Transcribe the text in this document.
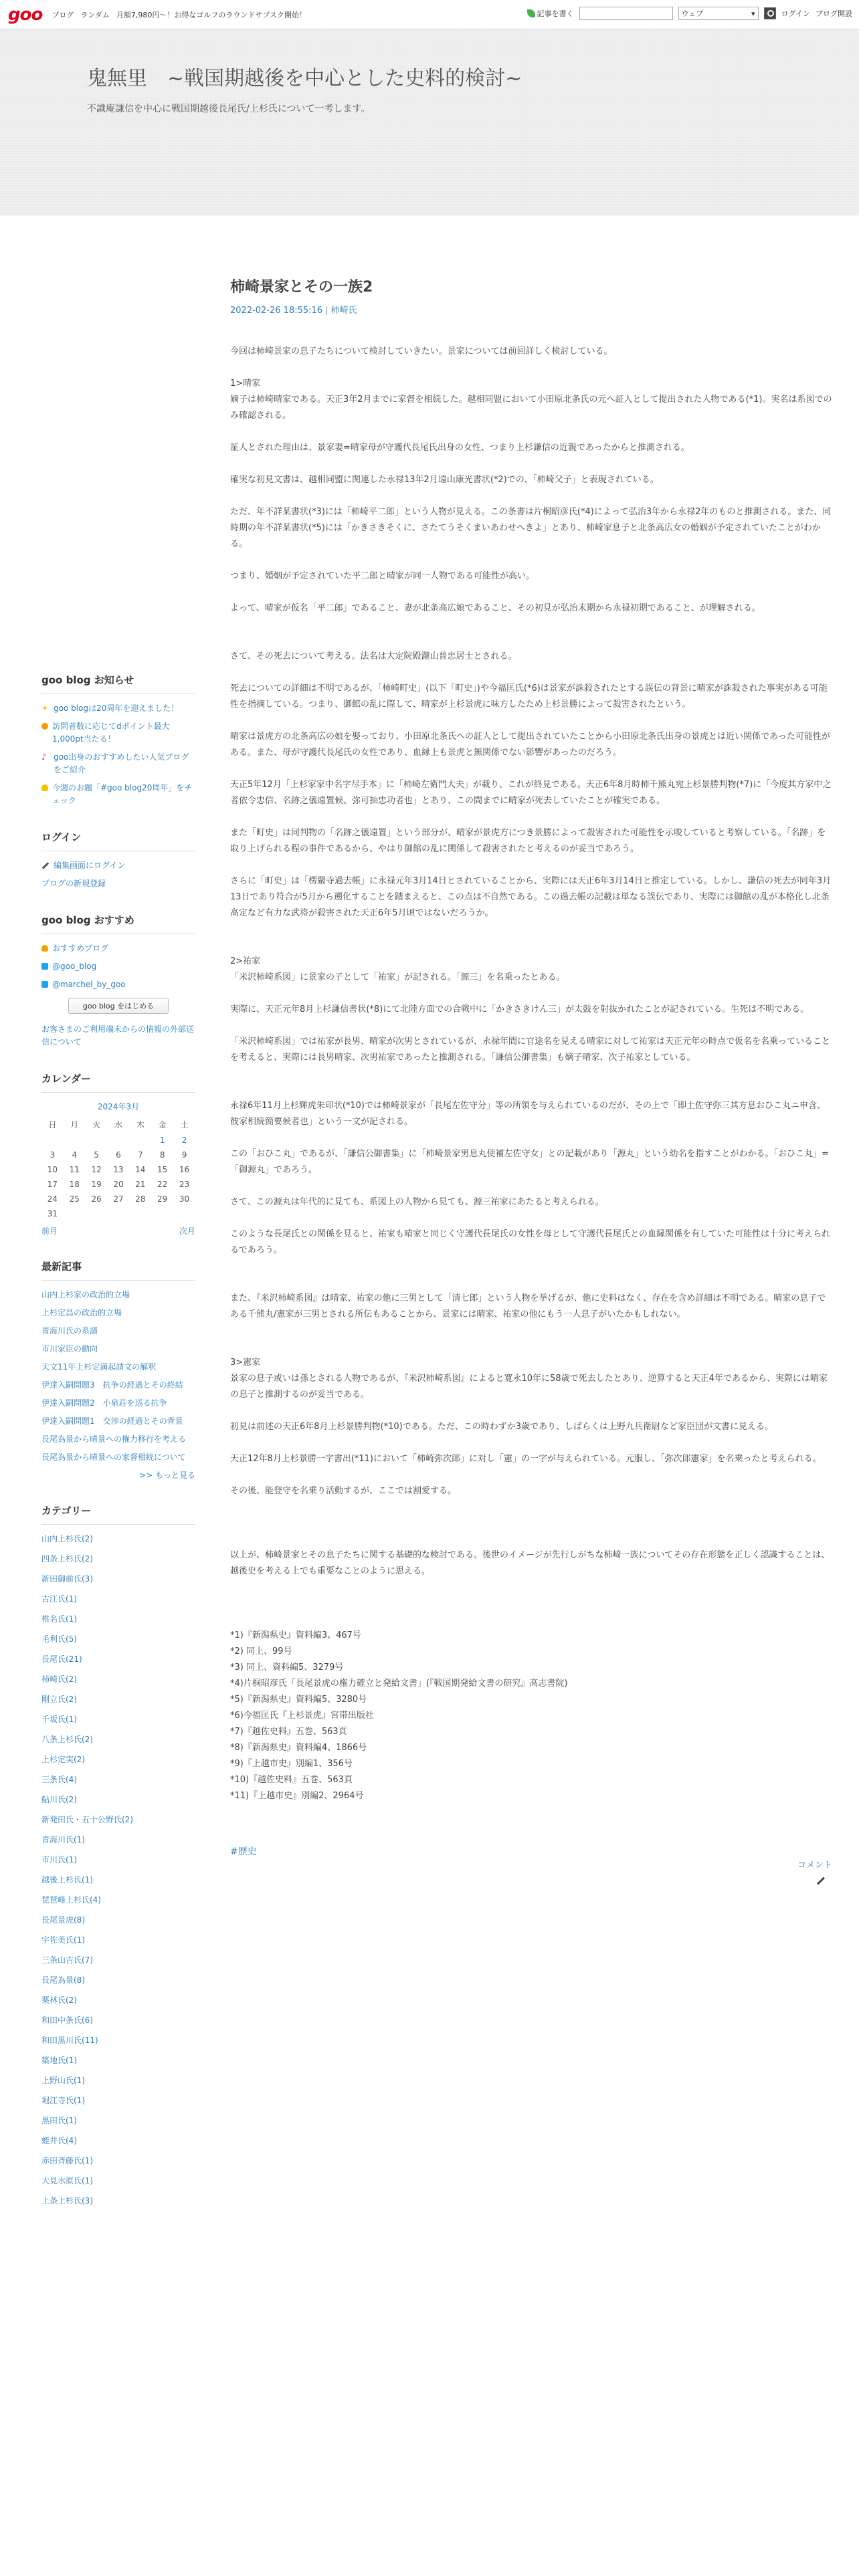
goo ブログ ランダム 月額7,980円〜！お得なゴルフのラウンドサブスク開始！	記事を書く	ウェブ	▾	ログイン ブログ開設
鬼無里　~戦国期越後を中心とした史料的検討~

不識庵謙信を中心に戦国期越後長尾氏/上杉氏について一考します。

goo blog お知らせ
✦ goo blogは20周年を迎えました！
訪問者数に応じてdポイント最大1,000pt当たる！
♪ goo出身のおすすめしたい人気ブログをご紹介
今週のお題「#goo blog20周年」をチェック
ログイン
編集画面にログイン
ブログの新規登録
goo blog おすすめ
おすすめブログ
@goo_blog
@marchel_by_goo
goo blog をはじめる
お客さまのご利用端末からの情報の外部送信について
カレンダー
2024年3月
日	月	火	水	木	金	土
					1	2
3	4	5	6	7	8	9
10	11	12	13	14	15	16
17	18	19	20	21	22	23
24	25	26	27	28	29	30
31						
前月	次月
最新記事
山内上杉家の政治的立場
上杉定昌の政治的立場
青海川氏の系譜
市川家臣の動向
天文11年上杉定満起請文の解釈
伊達入嗣問題3　抗争の経過とその終結
伊達入嗣問題2　小泉荘を巡る抗争
伊達入嗣問題1　交渉の経過とその背景
長尾為景から晴景への権力移行を考える
長尾為景から晴景への家督相続について
>> もっと見る
カテゴリー
山内上杉氏(2)
四条上杉氏(2)
新田御前氏(3)
古江氏(1)
椎名氏(1)
毛利氏(5)
長尾氏(21)
柿崎氏(2)
剛立氏(2)
千坂氏(1)
八条上杉氏(2)
上杉定実(2)
三条氏(4)
鮎川氏(2)
新発田氏・五十公野氏(2)
青海川氏(1)
市川氏(1)
越後上杉氏(1)
琵琶峰上杉氏(4)
長尾景虎(8)
宇佐美氏(1)
三条山吉氏(7)
長尾為景(8)
栗林氏(2)
和田中条氏(6)
和田黒川氏(11)
築地氏(1)
上野山氏(1)
堀江寺氏(1)
黒田氏(1)
蛭井氏(4)
赤田斉藤氏(1)
大見水原氏(1)
上条上杉氏(3)
柿崎景家とその一族2
2022-02-26 18:55:16 | 柿崎氏

今回は柿崎景家の息子たちについて検討していきたい。景家については前回詳しく検討している。

1>晴家

嫡子は柿崎晴家である。天正3年2月までに家督を相続した。越相同盟において小田原北条氏の元へ証人として提出された人物である(*1)。実名は系図でのみ確認される。

証人とされた理由は、景家妻=晴家母が守護代長尾氏出身の女性、つまり上杉謙信の近親であったからと推測される。

確実な初見文書は、越相同盟に関連した永禄13年2月遠山康光書状(*2)での、「柿崎父子」と表現されている。

ただ、年不詳某書状(*3)には「柿崎平二郎」という人物が見える。この条書は片桐昭彦氏(*4)によって弘治3年から永禄2年のものと推測される。また、同時期の年不詳某書状(*5)には「かきさきそくに、さたてうそくまいあわせへきよ」とあり、柿崎家息子と北条高広女の婚姻が予定されていたことがわかる。

つまり、婚姻が予定されていた平二郎と晴家が同一人物である可能性が高い。

よって、晴家が仮名「平二郎」であること、妻が北条高広娘であること、その初見が弘治末期から永禄初期であること、が理解される。

さて、その死去について考える。法名は大定院殿瀧山普忠居士とされる。

死去についての詳細は不明であるが、「柿崎町史」(以下「町史」)や今福匡氏(*6)は景家が誅殺されたとする誤伝の背景に晴家が誅殺された事実がある可能性を指摘している。つまり、御館の乱に際して、晴家が上杉景虎に味方したため上杉景勝によって殺害されたという。

晴家は景虎方の北条高広の娘を娶っており、小田原北条氏への証人として提出されていたことから小田原北条氏出身の景虎とは近い関係であった可能性がある。また、母が守護代長尾氏の女性であり、血縁上も景虎と無関係でない影響があったのだろう。

天正5年12月「上杉家家中名字尽手本」に「柿崎左衛門大夫」が載り、これが終見である。天正6年8月時柿千熊丸宛上杉景勝判物(*7)に「今度其方家中之者依令忠信、名跡之儀遠置候、弥可抽忠功者也」とあり、この間までに晴家が死去していたことが確実である。

また「町史」は同判物の「名跡之儀遠置」という部分が、晴家が景虎方につき景勝によって殺害された可能性を示唆していると考察している。「名跡」を取り上げられる程の事件であるから、やはり御館の乱に関係して殺害されたと考えるのが妥当であろう。

さらに「町史」は「楞嚴寺過去帳」に永禄元年3月14日とされていることから、実際には天正6年3月14日と推定している。しかし、謙信の死去が同年3月13日であり符合が5月から遡化することを踏まえると、この点は不自然である。この過去帳の記載は単なる誤伝であり、実際には御館の乱が本格化し北条高定など有力な武将が殺害された天正6年5月頃ではないだろうか。

2>祐家

「米沢柿崎系図」に景家の子として「祐家」が記される。「源三」を名乗ったとある。

実際に、天正元年8月上杉謙信書状(*8)にて北陸方面での合戦中に「かきさきけん三」が太鼓を射抜かれたことが記されている。生死は不明である。

「米沢柿崎系図」では祐家が長男、晴家が次男とされているが、永禄年間に官途名を見える晴家に対して祐家は天正元年の時点で仮名を名乗っていることを考えると、実際には長男晴家、次男祐家であったと推測される。「謙信公御書集」も嫡子晴家、次子祐家としている。

永禄6年11月上杉輝虎朱印状(*10)では柿崎景家が「長尾左佐守分」等の所領を与えられているのだが、その上で「即土佐守弥三其方息おひこ丸ニ申含、彼家相続簡要候者也」という一文が記される。

この「おひこ丸」であるが、「謙信公御書集」に「柿崎景家男息丸使補左佐守女」との記載があり「源丸」という幼名を指すことがわかる。「おひこ丸」=「御源丸」であろう。

さて、この源丸は年代的に見ても、系図上の人物から見ても、源三祐家にあたると考えられる。

このような長尾氏との関係を見ると、祐家も晴家と同じく守護代長尾氏の女性を母として守護代長尾氏との血縁関係を有していた可能性は十分に考えられるであろう。

また、『米沢柿崎系図』は晴家、祐家の他に三男として「清七郎」という人物を挙げるが、他に史料はなく、存在を含め詳細は不明である。晴家の息子である千熊丸/憲家が三男とされる所伝もあることから、景家には晴家、祐家の他にもう一人息子がいたかもしれない。

3>憲家

景家の息子或いは孫とされる人物であるが、『米沢柿崎系図』によると寛永10年に58歳で死去したとあり、逆算すると天正4年であるから、実際には晴家の息子と推測するのが妥当である。

初見は前述の天正6年8月上杉景勝判物(*10)である。ただ、この時わずか3歳であり、しばらくは上野九兵衛尉など家臣団が文書に見える。

天正12年8月上杉景勝一字書出(*11)において「柿崎弥次郎」に対し「憲」の一字が与えられている。元服し、「弥次郎憲家」を名乗ったと考えられる。

その後、能登守を名乗り活動するが、ここでは割愛する。

以上が、柿崎景家とその息子たちに関する基礎的な検討である。後世のイメージが先行しがちな柿崎一族についてその存在形態を正しく認識することは、越後史を考える上でも重要なことのように思える。

*1)『新潟県史』資料編3、467号

*2) 同上、99号

*3) 同上、資料編5、3279号

*4)片桐昭彦氏「長尾景虎の権力確立と発給文書」(『戦国期発給文書の研究』高志書院)

*5)『新潟県史』資料編5、3280号

*6)今福匡氏『上杉景虎』宮帯出版社

*7)『越佐史料』五巻、563頁

*8)『新潟県史』資料編4、1866号

*9)『上越市史』別編1、356号

*10)『越佐史料』五巻、563頁

*11)『上越市史』別編2、2964号

#歴史
コメント
